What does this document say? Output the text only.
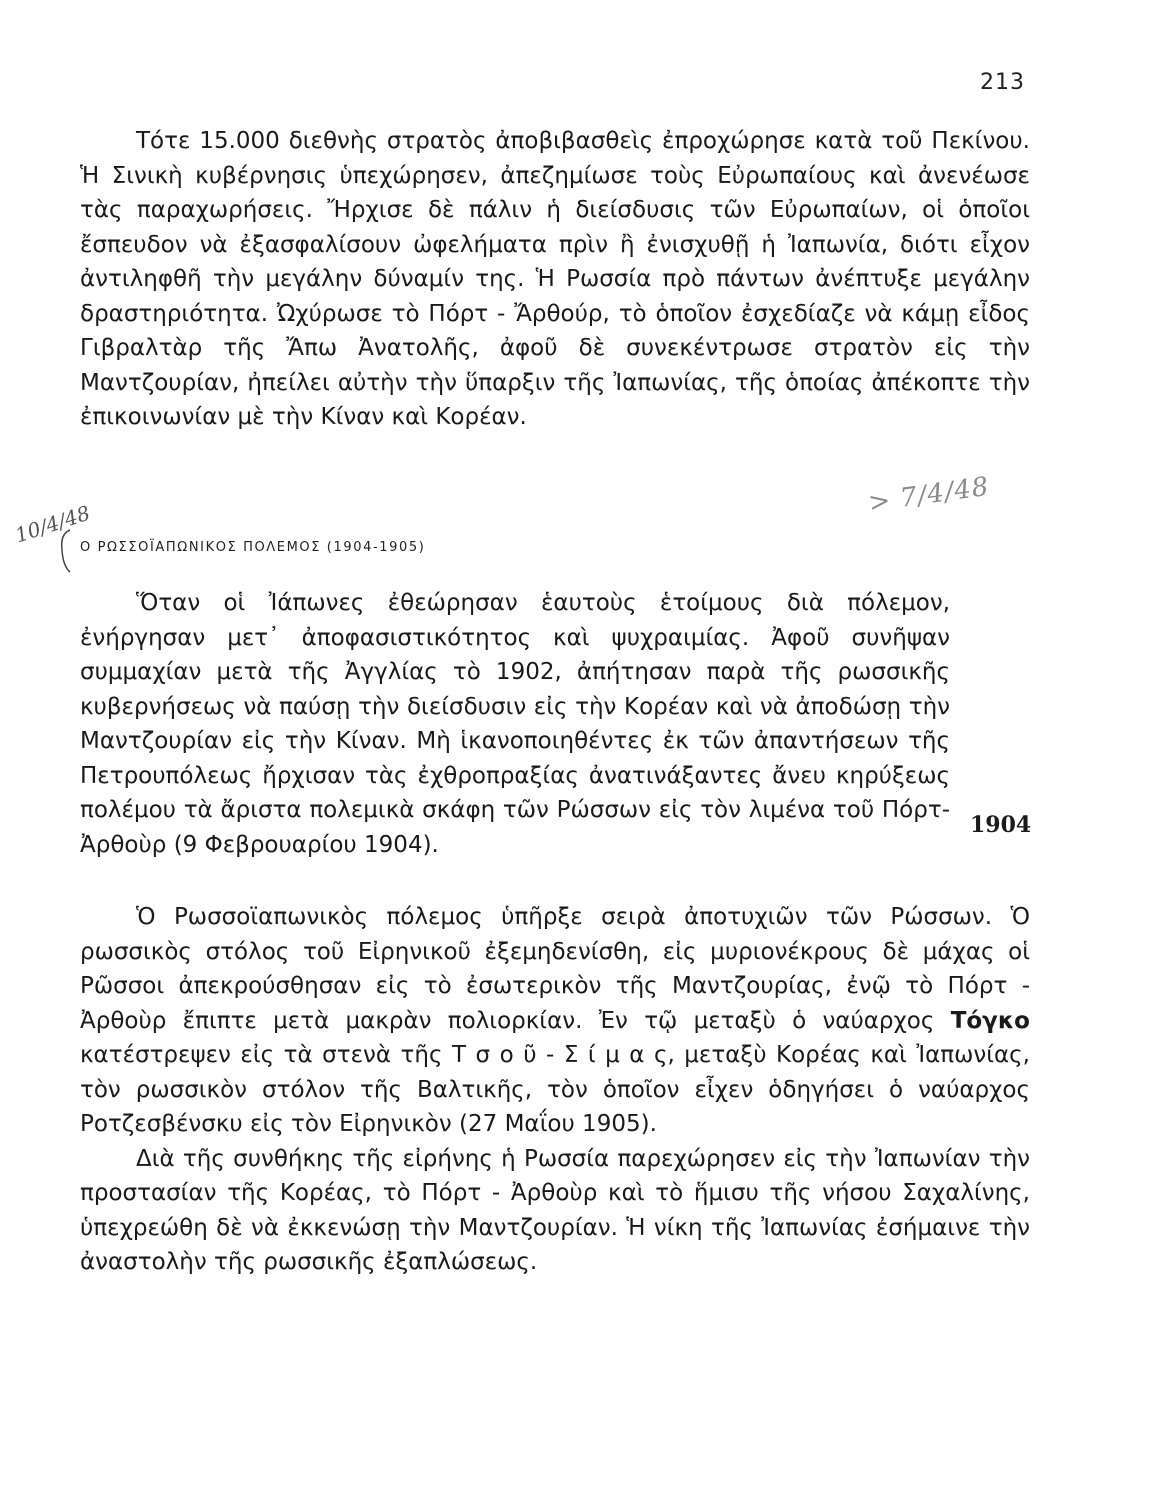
213

Τότε 15.000 διεθνὴς στρατὸς ἀποβιβασθεὶς ἐπροχώρησε κατὰ τοῦ Πεκίνου. Ἡ Σινικὴ κυβέρνησις ὑπεχώρησεν, ἀπεζημίωσε τοὺς Εὐρωπαίους καὶ ἀνενέωσε τὰς παραχωρήσεις. Ἤρχισε δὲ πάλιν ἡ διείσδυσις τῶν Εὐρωπαίων, οἱ ὁποῖοι ἔσπευδον νὰ ἐξασφαλίσουν ὠφελήματα πρὶν ἢ ἐνισχυθῇ ἡ Ἰαπωνία, διότι εἶχον ἀντιληφθῆ τὴν μεγάλην δύναμίν της. Ἡ Ρωσσία πρὸ πάντων ἀνέπτυξε μεγάλην δραστηριότητα. Ὠχύρωσε τὸ Πόρτ - Ἄρθούρ, τὸ ὁποῖον ἐσχεδίαζε νὰ κάμῃ εἶδος Γιβραλτὰρ τῆς Ἄπω Ἀνατολῆς, ἀφοῦ δὲ συνεκέντρωσε στρατὸν εἰς τὴν Μαντζουρίαν, ἠπείλει αὐτὴν τὴν ὕπαρξιν τῆς Ἰαπωνίας, τῆς ὁποίας ἀπέκοπτε τὴν ἐπικοινωνίαν μὲ τὴν Κίναν καὶ Κορέαν.

> 7/4/48
10/4/48
Ο ΡΩΣΣΟΪΑΠΩΝΙΚΟΣ ΠΟΛΕΜΟΣ (1904-1905)

Ὅταν οἱ Ἰάπωνες ἐθεώρησαν ἑαυτοὺς ἑτοίμους διὰ πόλεμον, ἐνήργησαν μετ᾽ ἀποφασιστικότητος καὶ ψυχραιμίας. Ἀφοῦ συνῆψαν συμμαχίαν μετὰ τῆς Ἀγγλίας τὸ 1902, ἀπήτησαν παρὰ τῆς ρωσσικῆς κυβερνήσεως νὰ παύσῃ τὴν διείσδυσιν εἰς τὴν Κορέαν καὶ νὰ ἀποδώσῃ τὴν Μαντζουρίαν εἰς τὴν Κίναν. Μὴ ἱκανοποιηθέντες ἐκ τῶν ἀπαντήσεων τῆς Πετρουπόλεως ἤρχισαν τὰς ἐχθροπραξίας ἀνατινάξαντες ἄνευ κηρύξεως πολέμου τὰ ἄριστα πολεμικὰ σκάφη τῶν Ρώσσων εἰς τὸν λιμένα τοῦ Πόρτ-Ἀρθοὺρ (9 Φεβρουαρίου 1904).

1904

Ὁ Ρωσσοϊαπωνικὸς πόλεμος ὑπῆρξε σειρὰ ἀποτυχιῶν τῶν Ρώσσων. Ὁ ρωσσικὸς στόλος τοῦ Εἰρηνικοῦ ἐξεμηδενίσθη, εἰς μυριονέκρους δὲ μάχας οἱ Ρῶσσοι ἀπεκρούσθησαν εἰς τὸ ἐσωτερικὸν τῆς Μαντζουρίας, ἐνῷ τὸ Πόρτ - Ἀρθοὺρ ἔπιπτε μετὰ μακρὰν πολιορκίαν. Ἐν τῷ μεταξὺ ὁ ναύαρχος Τόγκο κατέστρεψεν εἰς τὰ στενὰ τῆς Τ σ ο ῦ - Σ ί μ α ς, μεταξὺ Κορέας καὶ Ἰαπωνίας, τὸν ρωσσικὸν στόλον τῆς Βαλτικῆς, τὸν ὁποῖον εἶχεν ὁδηγήσει ὁ ναύαρχος Ροτζεσβένσκυ εἰς τὸν Εἰρηνικὸν (27 Μαΐου 1905).

Διὰ τῆς συνθήκης τῆς εἰρήνης ἡ Ρωσσία παρεχώρησεν εἰς τὴν Ἰαπωνίαν τὴν προστασίαν τῆς Κορέας, τὸ Πόρτ - Ἀρθοὺρ καὶ τὸ ἥμισυ τῆς νήσου Σαχαλίνης, ὑπεχρεώθη δὲ νὰ ἐκκενώσῃ τὴν Μαντζουρίαν. Ἡ νίκη τῆς Ἰαπωνίας ἐσήμαινε τὴν ἀναστολὴν τῆς ρωσσικῆς ἐξαπλώσεως.
